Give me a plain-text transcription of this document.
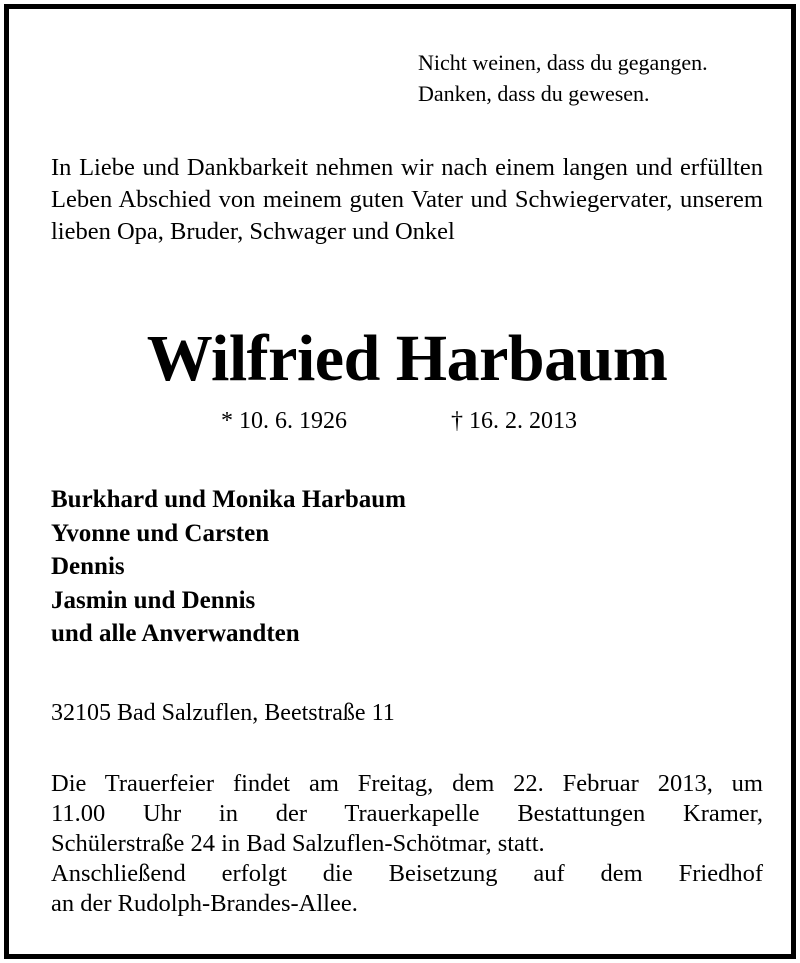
Nicht weinen, dass du gegangen.
Danken, dass du gewesen.
In Liebe und Dankbarkeit nehmen wir nach einem langen und erfüllten Leben Abschied von meinem guten Vater und Schwiegervater, unserem lieben Opa, Bruder, Schwager und Onkel
Wilfried Harbaum
* 10. 6. 1926	† 16. 2. 2013
Burkhard und Monika Harbaum
Yvonne und Carsten
Dennis
Jasmin und Dennis
und alle Anverwandten
32105 Bad Salzuflen, Beetstraße 11
Die Trauerfeier findet am Freitag, dem 22. Februar 2013, um
11.00 Uhr in der Trauerkapelle Bestattungen Kramer,
Schülerstraße 24 in Bad Salzuflen-Schötmar, statt.
Anschließend erfolgt die Beisetzung auf dem Friedhof
an der Rudolph-Brandes-Allee.
